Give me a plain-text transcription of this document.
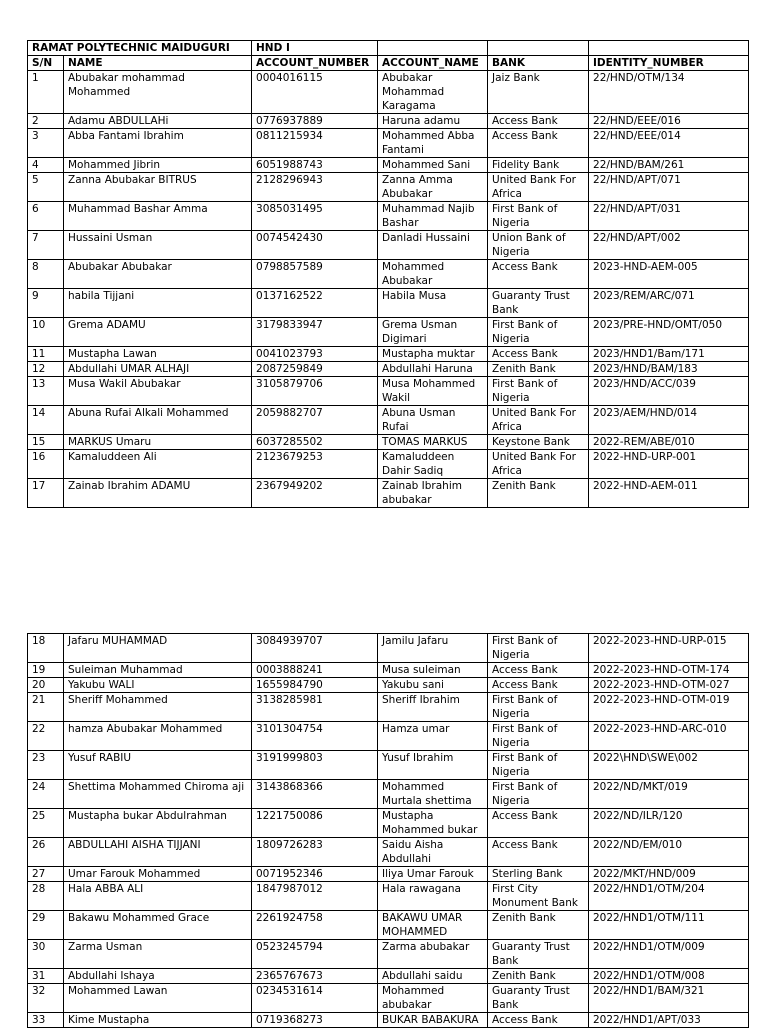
RAMAT POLYTECHNIC MAIDUGURI		HND I			
S/N	NAME	ACCOUNT_NUMBER	ACCOUNT_NAME	BANK	IDENTITY_NUMBER
1	Abubakar mohammad Mohammed	0004016115	Abubakar Mohammad Karagama	Jaiz Bank	22/HND/OTM/134
2	Adamu ABDULLAHi	0776937889	Haruna adamu	Access Bank	22/HND/EEE/016
3	Abba Fantami Ibrahim	0811215934	Mohammed Abba Fantami	Access Bank	22/HND/EEE/014
4	Mohammed Jibrin	6051988743	Mohammed Sani	Fidelity Bank	22/HND/BAM/261
5	Zanna Abubakar BITRUS	2128296943	Zanna Amma Abubakar	United Bank For Africa	22/HND/APT/071
6	Muhammad Bashar Amma	3085031495	Muhammad Najib Bashar	First Bank of Nigeria	22/HND/APT/031
7	Hussaini Usman	0074542430	Danladi Hussaini	Union Bank of Nigeria	22/HND/APT/002
8	Abubakar Abubakar	0798857589	Mohammed Abubakar	Access Bank	2023-HND-AEM-005
9	habila Tijjani	0137162522	Habila Musa	Guaranty Trust Bank	2023/REM/ARC/071
10	Grema ADAMU	3179833947	Grema Usman Digimari	First Bank of Nigeria	2023/PRE-HND/OMT/050
11	Mustapha Lawan	0041023793	Mustapha muktar	Access Bank	2023/HND1/Bam/171
12	Abdullahi UMAR ALHAJI	2087259849	Abdullahi Haruna	Zenith Bank	2023/HND/BAM/183
13	Musa Wakil Abubakar	3105879706	Musa Mohammed Wakil	First Bank of Nigeria	2023/HND/ACC/039
14	Abuna Rufai Alkali Mohammed	2059882707	Abuna Usman Rufai	United Bank For Africa	2023/AEM/HND/014
15	MARKUS Umaru	6037285502	TOMAS MARKUS	Keystone Bank	2022-REM/ABE/010
16	Kamaluddeen Ali	2123679253	Kamaluddeen Dahir Sadiq	United Bank For Africa	2022-HND-URP-001
17	Zainab Ibrahim ADAMU	2367949202	Zainab Ibrahim abubakar	Zenith Bank	2022-HND-AEM-011
18	Jafaru MUHAMMAD	3084939707	Jamilu Jafaru	First Bank of Nigeria	2022-2023-HND-URP-015
19	Suleiman Muhammad	0003888241	Musa suleiman	Access Bank	2022-2023-HND-OTM-174
20	Yakubu WALI	1655984790	Yakubu sani	Access Bank	2022-2023-HND-OTM-027
21	Sheriff Mohammed	3138285981	Sheriff Ibrahim	First Bank of Nigeria	2022-2023-HND-OTM-019
22	hamza Abubakar Mohammed	3101304754	Hamza umar	First Bank of Nigeria	2022-2023-HND-ARC-010
23	Yusuf RABIU	3191999803	Yusuf Ibrahim	First Bank of Nigeria	2022\HND\SWE\002
24	Shettima Mohammed Chiroma aji	3143868366	Mohammed Murtala shettima	First Bank of Nigeria	2022/ND/MKT/019
25	Mustapha bukar Abdulrahman	1221750086	Mustapha Mohammed bukar	Access Bank	2022/ND/ILR/120
26	ABDULLAHI AISHA TIJJANI	1809726283	Saidu Aisha Abdullahi	Access Bank	2022/ND/EM/010
27	Umar Farouk Mohammed	0071952346	Iliya Umar Farouk	Sterling Bank	2022/MKT/HND/009
28	Hala ABBA ALI	1847987012	Hala rawagana	First City Monument Bank	2022/HND1/OTM/204
29	Bakawu Mohammed Grace	2261924758	BAKAWU UMAR MOHAMMED	Zenith Bank	2022/HND1/OTM/111
30	Zarma Usman	0523245794	Zarma abubakar	Guaranty Trust Bank	2022/HND1/OTM/009
31	Abdullahi Ishaya	2365767673	Abdullahi saidu	Zenith Bank	2022/HND1/OTM/008
32	Mohammed Lawan	0234531614	Mohammed abubakar	Guaranty Trust Bank	2022/HND1/BAM/321
33	Kime Mustapha	0719368273	BUKAR BABAKURA	Access Bank	2022/HND1/APT/033
